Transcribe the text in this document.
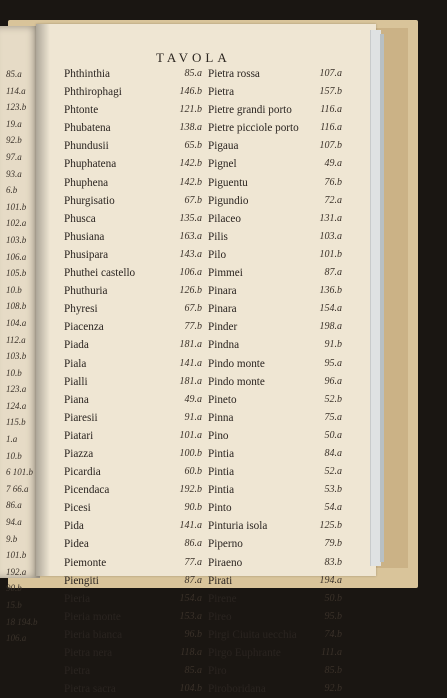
85.a
114.a
123.b
19.a
92.b
97.a
93.a
6.b
101.b
102.a
103.b
106.a
105.b
10.b
108.b
104.a
112.a
103.b
10.b
123.a
124.a
115.b
1.a
10.b
6 101.b
7 66.a
86.a
94.a
9.b
101.b
192.a
90.b
15.b
18 194.b
106.a
TAVOLA
Phthinthia	85.a
Phthirophagi	146.b
Phtonte	121.b
Phubatena	138.a
Phundusii	65.b
Phuphatena	142.b
Phuphena	142.b
Phurgisatio	67.b
Phusca	135.a
Phusiana	163.a
Phusipara	143.a
Phuthei castello	106.a
Phuthuria	126.b
Phyresi	67.b
Piacenza	77.b
Piada	181.a
Piala	141.a
Pialli	181.a
Piana	49.a
Piaresii	91.a
Piatari	101.a
Piazza	100.b
Picardia	60.b
Picendaca	192.b
Picesi	90.b
Pida	141.a
Pidea	86.a
Piemonte	77.a
Piengiti	87.a
Pieria	154.a
Pieria monte	153.a
Pieria bianca	96.b
Pietra nera	118.a
Pietra	85.a
Pietra sacra	104.b
Pietra rossa	107.a
Pietra	157.b
Pietre grandi porto	116.a
Pietre picciole porto 116.a
Pigaua	107.b
Pignel	49.a
Piguentu	76.b
Pigundio	72.a
Pilaceo	131.a
Pilis	103.a
Pilo	101.b
Pimmei	87.a
Pinara	136.b
Pinara	154.a
Pinder	198.a
Pindna	91.b
Pindo monte	95.a
Pindo monte	96.a
Pineto	52.b
Pinna	75.a
Pino	50.a
Pintia	84.a
Pintia	52.a
Pintia	53.b
Pinto	54.a
Pinturia isola	125.b
Piperno	79.b
Piraeno	83.b
Pirati	194.a
Pirene	50.b
Pireo	95.b
Pirgi Ciuita uecchia	74.b
Pirgo Euphrante	111.a
Piro	85.b
Piroboridana	92.b
